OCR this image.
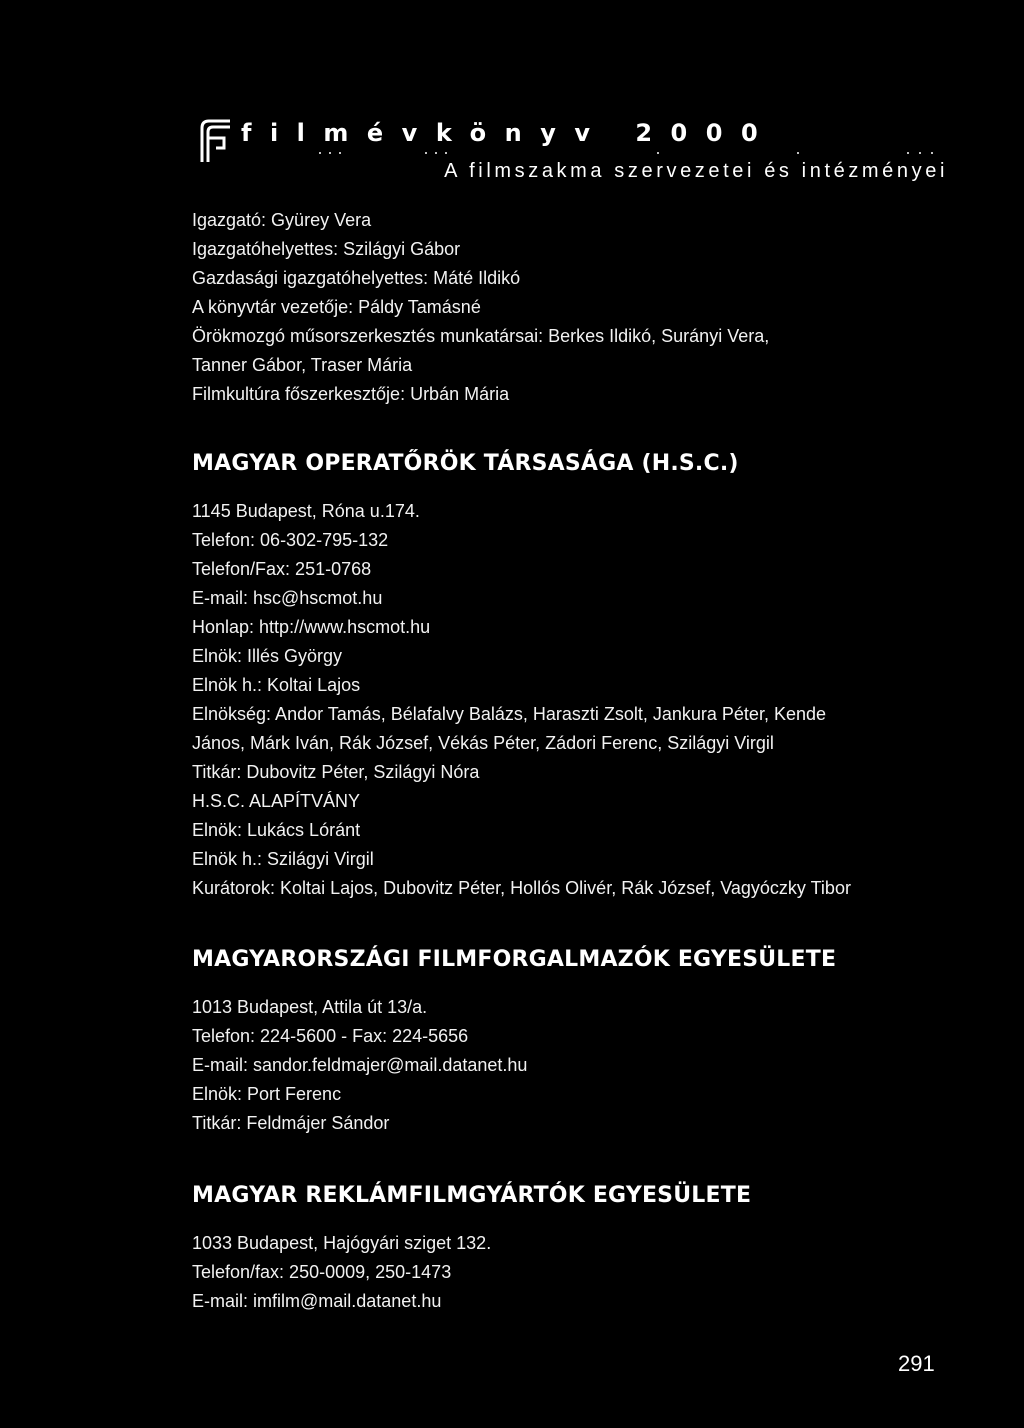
filmévkönyv 2000
A filmszakma szervezetei és intézményei
Igazgató: Gyürey Vera
Igazgatóhelyettes: Szilágyi Gábor
Gazdasági igazgatóhelyettes: Máté Ildikó
A könyvtár vezetője: Páldy Tamásné
Örökmozgó műsorszerkesztés munkatársai: Berkes Ildikó, Surányi Vera,
Tanner Gábor, Traser Mária
Filmkultúra főszerkesztője: Urbán Mária
MAGYAR OPERATŐRÖK TÁRSASÁGA (H.S.C.)
1145 Budapest, Róna u.174.
Telefon: 06-302-795-132
Telefon/Fax: 251-0768
E-mail: hsc@hscmot.hu
Honlap: http://www.hscmot.hu
Elnök: Illés György
Elnök h.: Koltai Lajos
Elnökség: Andor Tamás, Bélafalvy Balázs, Haraszti Zsolt, Jankura Péter, Kende
János, Márk Iván, Rák József, Vékás Péter, Zádori Ferenc, Szilágyi Virgil
Titkár: Dubovitz Péter, Szilágyi Nóra
H.S.C. ALAPÍTVÁNY
Elnök: Lukács Lóránt
Elnök h.: Szilágyi Virgil
Kurátorok: Koltai Lajos, Dubovitz Péter, Hollós Olivér, Rák József, Vagyóczky Tibor
MAGYARORSZÁGI FILMFORGALMAZÓK EGYESÜLETE
1013 Budapest, Attila út 13/a.
Telefon: 224-5600 - Fax: 224-5656
E-mail: sandor.feldmajer@mail.datanet.hu
Elnök: Port Ferenc
Titkár: Feldmájer Sándor
MAGYAR REKLÁMFILMGYÁRTÓK EGYESÜLETE
1033 Budapest, Hajógyári sziget 132.
Telefon/fax: 250-0009, 250-1473
E-mail: imfilm@mail.datanet.hu
291
